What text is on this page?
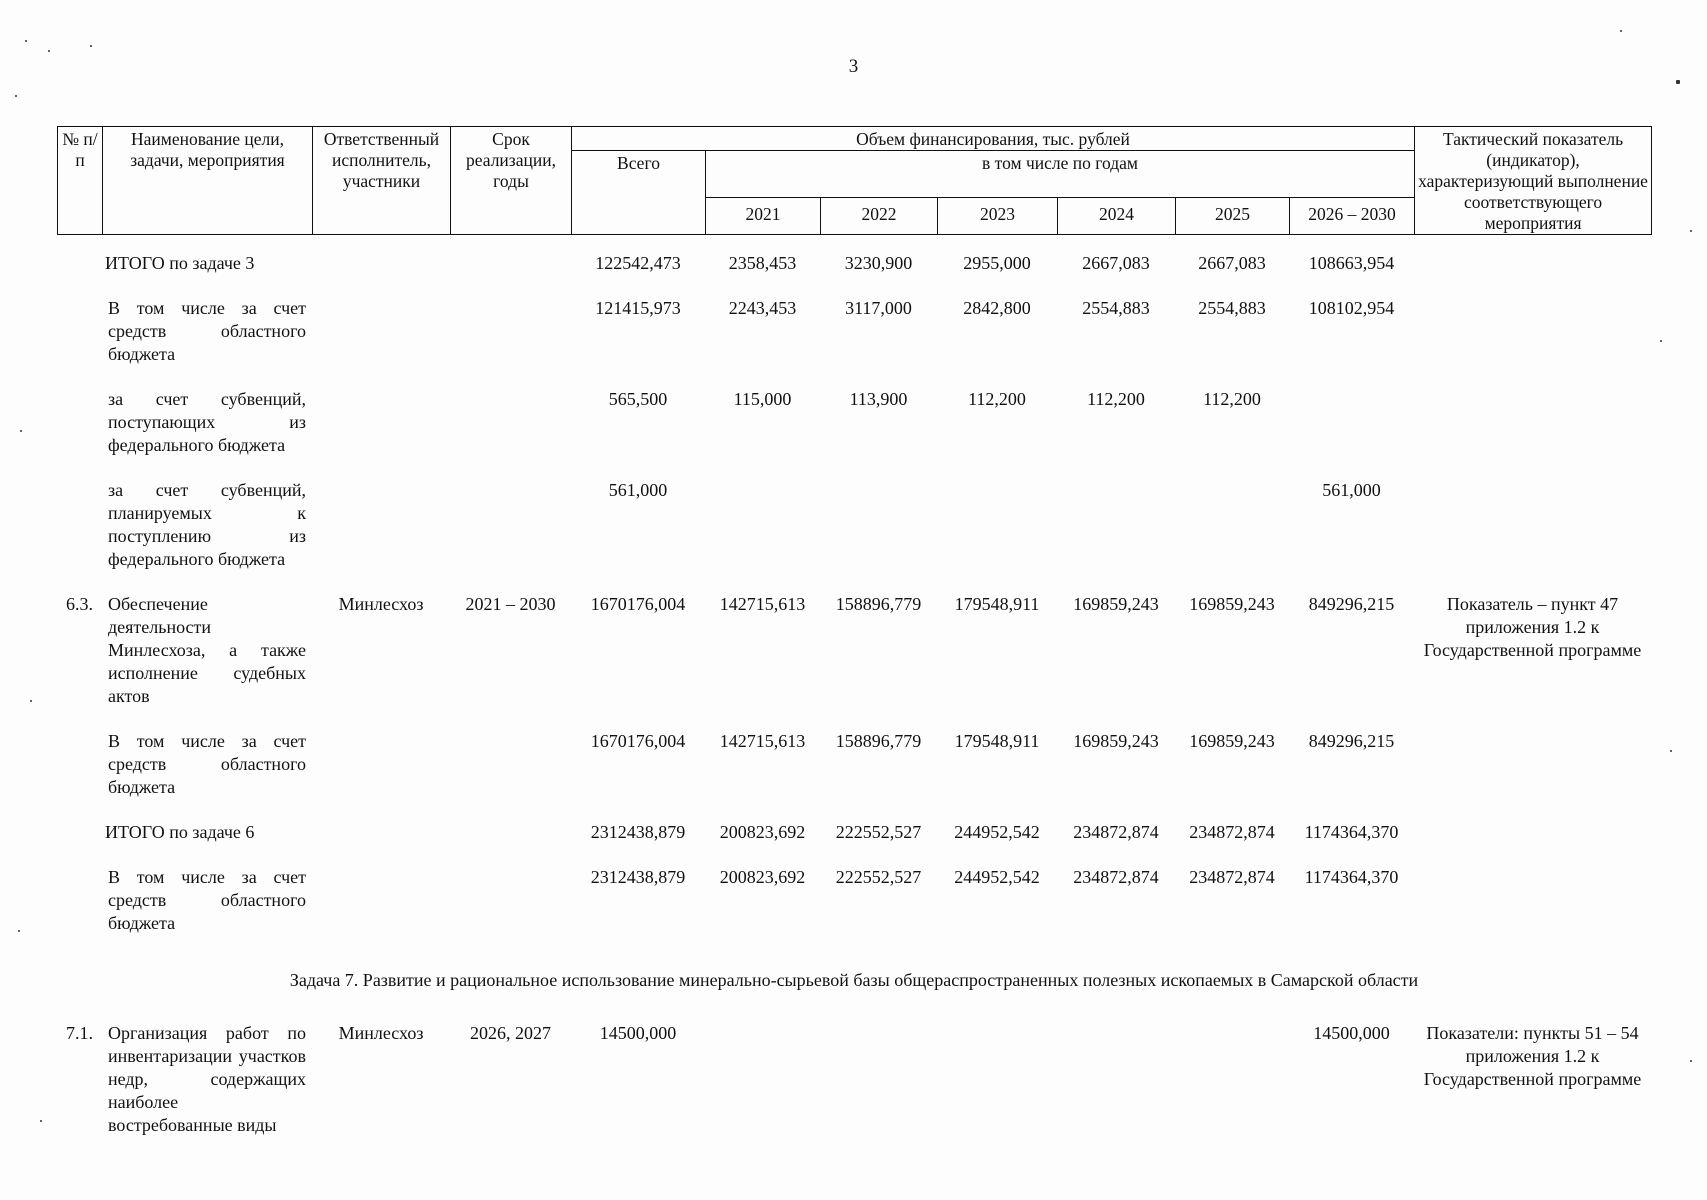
3
№ п/п	Наименование цели, задачи, мероприятия	Ответственный исполнитель, участники	Срок реализации, годы	Объем финансирования, тыс. рублей							Тактический показатель (индикатор), характеризующий выполнение соответствующего мероприятия
				Всего	в том числе по годам						
					2021	2022	2023	2024	2025	2026 – 2030	
	ИТОГО по задаче 3			122542,473	2358,453	3230,900	2955,000	2667,083	2667,083	108663,954	
	В том числе за счет средств областного бюджета			121415,973	2243,453	3117,000	2842,800	2554,883	2554,883	108102,954	
	за счет субвенций, поступающих из федерального бюджета			565,500	115,000	113,900	112,200	112,200	112,200		
	за счет субвенций, планируемых к поступлению из федерального бюджета			561,000						561,000	
6.3.	Обеспечение деятельности Минлесхоза, а также исполнение судебных актов	Минлесхоз	2021 – 2030	1670176,004	142715,613	158896,779	179548,911	169859,243	169859,243	849296,215	Показатель – пункт 47 приложения 1.2 к Государственной программе
	В том числе за счет средств областного бюджета			1670176,004	142715,613	158896,779	179548,911	169859,243	169859,243	849296,215	
	ИТОГО по задаче 6			2312438,879	200823,692	222552,527	244952,542	234872,874	234872,874	1174364,370	
	В том числе за счет средств областного бюджета			2312438,879	200823,692	222552,527	244952,542	234872,874	234872,874	1174364,370	
Задача 7. Развитие и рациональное использование минерально-сырьевой базы общераспространенных полезных ископаемых в Самарской области											
7.1.	Организация работ по инвентаризации участков недр, содержащих наиболее востребованные виды	Минлесхоз	2026, 2027	14500,000						14500,000	Показатели: пункты 51 – 54 приложения 1.2 к Государственной программе
